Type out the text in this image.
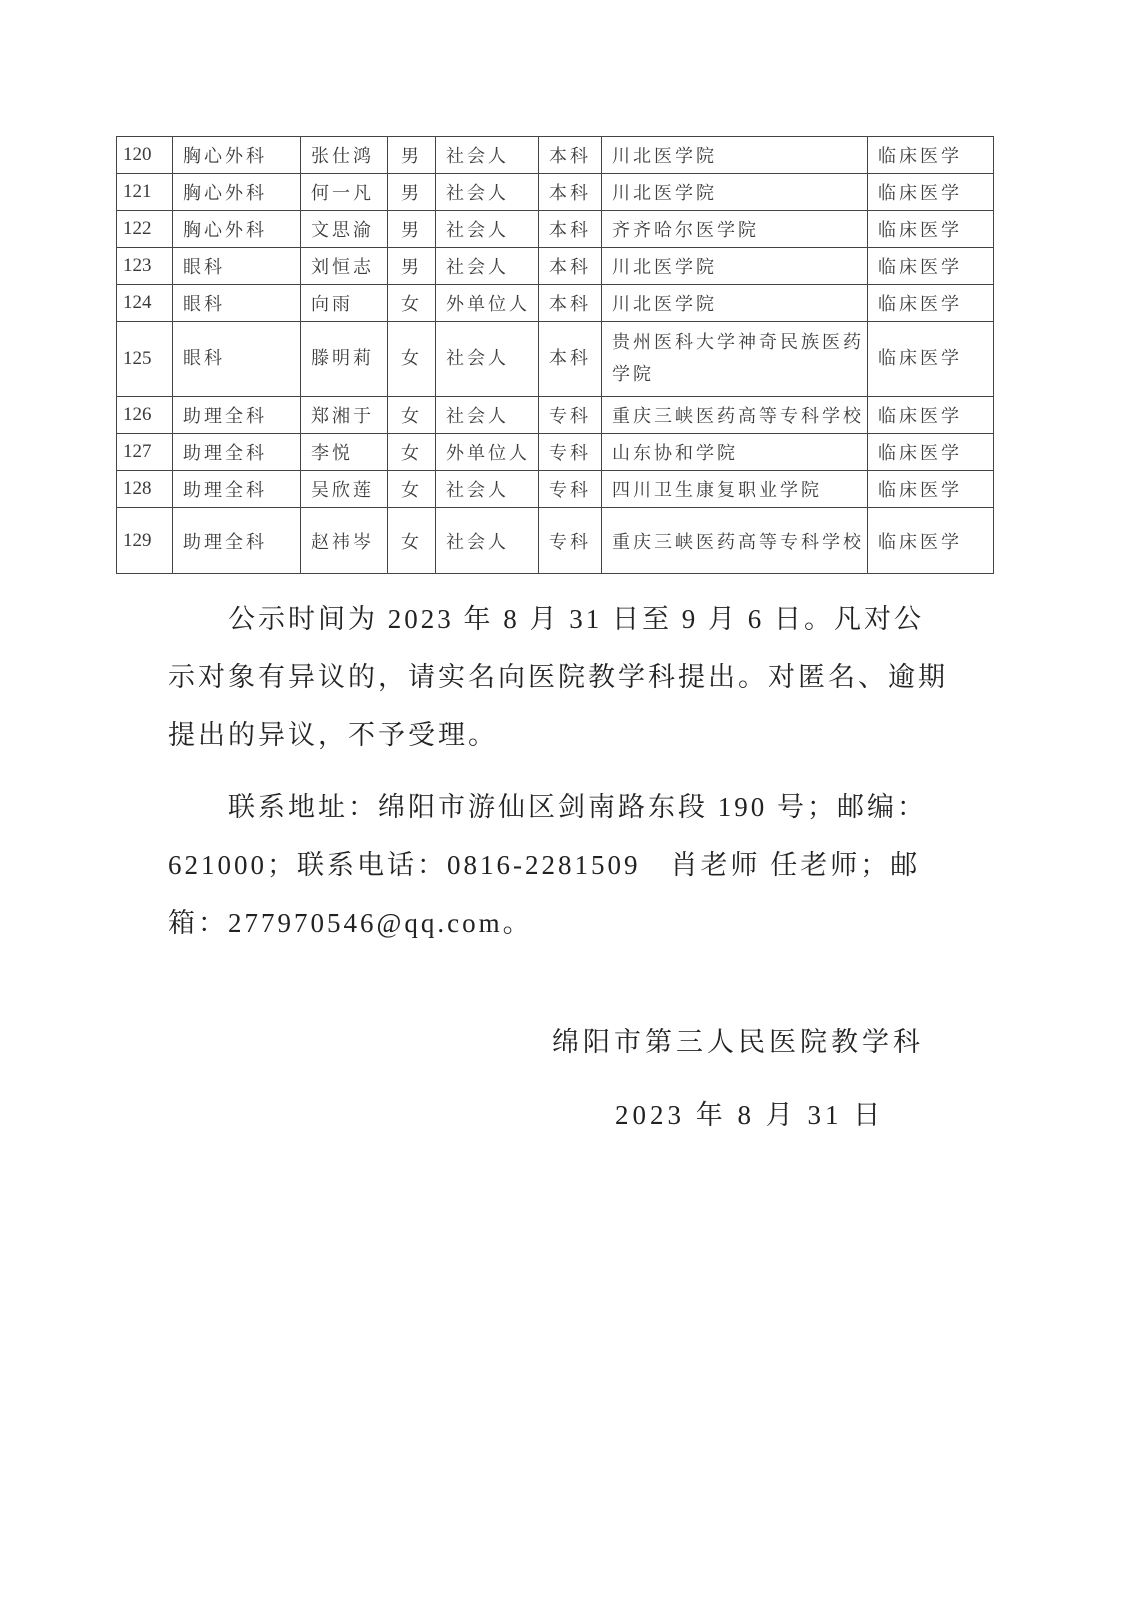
120	胸心外科	张仕鸿	男	社会人	本科	川北医学院	临床医学
121	胸心外科	何一凡	男	社会人	本科	川北医学院	临床医学
122	胸心外科	文思渝	男	社会人	本科	齐齐哈尔医学院	临床医学
123	眼科	刘恒志	男	社会人	本科	川北医学院	临床医学
124	眼科	向雨	女	外单位人	本科	川北医学院	临床医学
125	眼科	滕明莉	女	社会人	本科	贵州医科大学神奇民族医药学院	临床医学
126	助理全科	郑湘于	女	社会人	专科	重庆三峡医药高等专科学校	临床医学
127	助理全科	李悦	女	外单位人	专科	山东协和学院	临床医学
128	助理全科	吴欣莲	女	社会人	专科	四川卫生康复职业学院	临床医学
129	助理全科	赵祎岑	女	社会人	专科	重庆三峡医药高等专科学校	临床医学

公示时间为 2023 年 8 月 31 日至 9 月 6 日。凡对公示对象有异议的，请实名向医院教学科提出。对匿名、逾期提出的异议，不予受理。

联系地址：绵阳市游仙区剑南路东段 190 号；邮编：621000；联系电话：0816-2281509　肖老师 任老师；邮箱：277970546@qq.com。

绵阳市第三人民医院教学科
2023 年 8 月 31 日
